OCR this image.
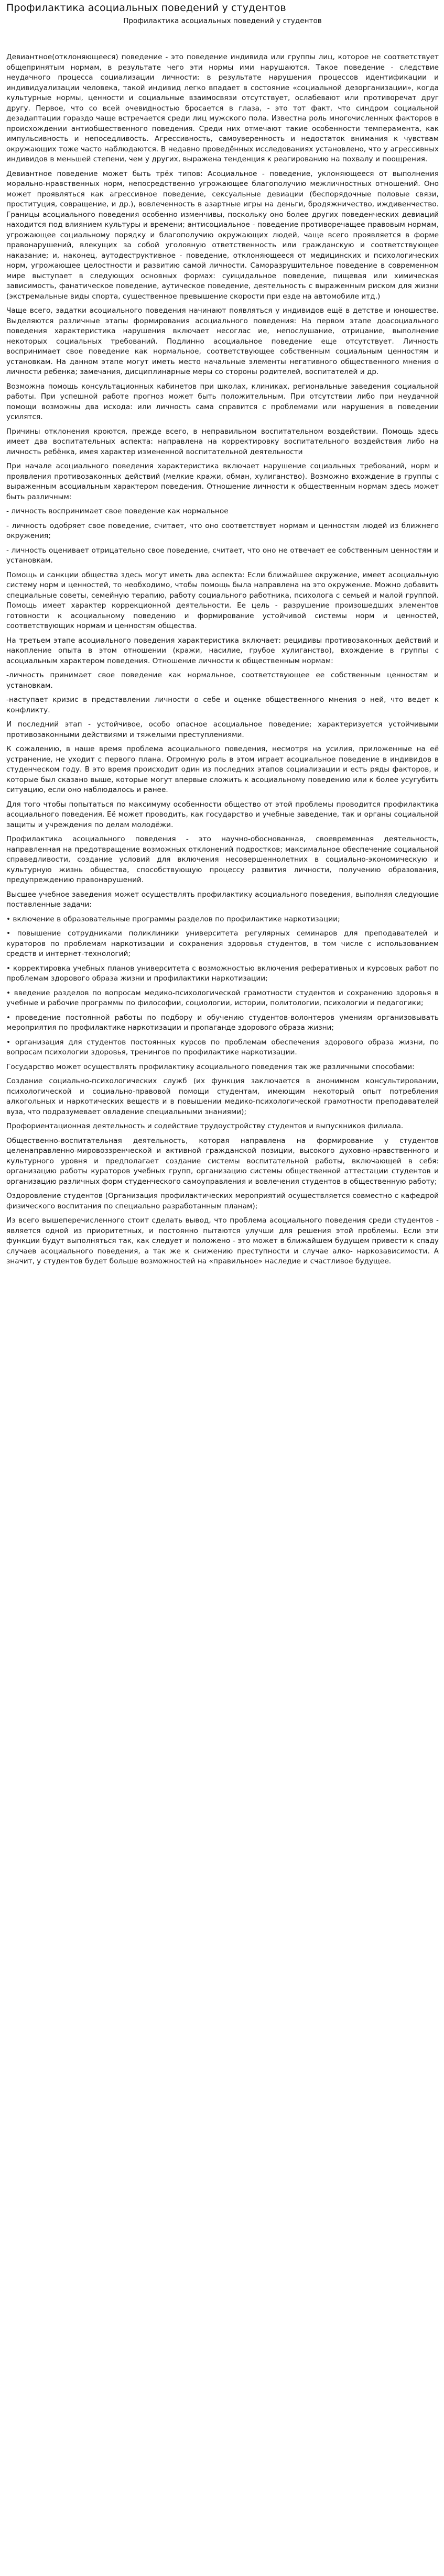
Профилактика асоциальных поведений у студентов
Профилактика асоциальных поведений у студентов

Девиантное(отклоняющееся) поведение - это поведение индивида или группы лиц, которое не соответствует общепринятым нормам, в результате чего эти нормы ими нарушаются. Такое поведение - следствие неудачного процесса социализации личности: в результате нарушения процессов идентификации и индивидуализации человека, такой индивид легко впадает в состояние «социальной дезорганизации», когда культурные нормы, ценности и социальные взаимосвязи отсутствует, ослабевают или противоречат друг другу. Первое, что со всей очевидностью бросается в глаза, - это тот факт, что синдром социальной дезадаптации гораздо чаще встречается среди лиц мужского пола. Известна роль многочисленных факторов в происхождении антиобщественного поведения. Среди них отмечают такие особенности темперамента, как импульсивность и непоседливость. Агрессивность, самоуверенность и недостаток внимания к чувствам окружающих тоже часто наблюдаются. В недавно проведённых исследованиях установлено, что у агрессивных индивидов в меньшей степени, чем у других, выражена тенденция к реагированию на похвалу и поощрения.

Девиантное поведение может быть трёх типов: Асоциальное - поведение, уклоняющееся от выполнения морально-нравственных норм, непосредственно угрожающее благополучию межличностных отношений. Оно может проявляться как агрессивное поведение, сексуальные девиации (беспорядочные половые связи, проституция, совращение, и др.), вовлеченность в азартные игры на деньги, бродяжничество, иждивенчество. Границы асоциального поведения особенно изменчивы, поскольку оно более других поведенческих девиаций находится под влиянием культуры и времени; антисоциальное - поведение противоречащее правовым нормам, угрожающее социальному порядку и благополучию окружающих людей, чаще всего проявляется в форме правонарушений, влекущих за собой уголовную ответственность или гражданскую и соответствующее наказание; и, наконец, аутодеструктивное - поведение, отклоняющееся от медицинских и психологических норм, угрожающее целостности и развитию самой личности. Саморазрушительное поведение в современном мире выступает в следующих основных формах: суицидальное поведение, пищевая или химическая зависимость, фанатическое поведение, аутическое поведение, деятельность с выраженным риском для жизни (экстремальные виды спорта, существенное превышение скорости при езде на автомобиле итд.)

Чаще всего, задатки асоциального поведения начинают появляться у индивидов ещё в детстве и юношестве. Выделяются различные этапы формирования асоциального поведения: На первом этапе доасоциального поведения характеристика нарушения включает несоглас ие, непослушание, отрицание, выполнение некоторых социальных требований. Подлинно асоциальное поведение еще отсутствует. Личность воспринимает свое поведение как нормальное, соответствующее собственным социальным ценностям и установкам. На данном этапе могут иметь место начальные элементы негативного общественного мнения о личности ребенка; замечания, дисциплинарные меры со стороны родителей, воспитателей и др.

Возможна помощь консультационных кабинетов при школах, клиниках, региональные заведения социальной работы. При успешной работе прогноз может быть положительным. При отсутствии либо при неудачной помощи возможны два исхода: или личность сама справится с проблемами или нарушения в поведении усилятся.

Причины отклонения кроются, прежде всего, в неправильном воспитательном воздействии. Помощь здесь имеет два воспитательных аспекта: направлена на корректировку воспитательного воздействия либо на личность ребёнка, имея характер измененной воспитательной деятельности

При начале асоциального поведения характеристика включает нарушение социальных требований, норм и проявления противозаконных действий (мелкие кражи, обман, хулиганство). Возможно вхождение в группы с выраженным асоциальным характером поведения. Отношение личности к общественным нормам здесь может быть различным:

- личность воспринимает свое поведение как нормальное

- личность одобряет свое поведение, считает, что оно соответствует нормам и ценностям людей из ближнего окружения;

- личность оценивает отрицательно свое поведение, считает, что оно не отвечает ее собственным ценностям и установкам.

Помощь и санкции общества здесь могут иметь два аспекта: Если ближайшее окружение, имеет асоциальную систему норм и ценностей, то необходимо, чтобы помощь была направлена на это окружение. Можно добавить специальные советы, семейную терапию, работу социального работника, психолога с семьей и малой группой. Помощь имеет характер коррекционной деятельности. Ее цель - разрушение произошедших элементов готовности к асоциальному поведению и формирование устойчивой системы норм и ценностей, соответствующих нормам и ценностям общества.

На третьем этапе асоциального поведения характеристика включает: рецидивы противозаконных действий и накопление опыта в этом отношении (кражи, насилие, грубое хулиганство), вхождение в группы с асоциальным характером поведения. Отношение личности к общественным нормам:

-личность принимает свое поведение как нормальное, соответствующее ее собственным ценностям и установкам.

-наступает кризис в представлении личности о себе и оценке общественного мнения о ней, что ведет к конфликту.

И последний этап - устойчивое, особо опасное асоциальное поведение; характеризуется устойчивыми противозаконными действиями и тяжелыми преступлениями.

К сожалению, в наше время проблема асоциального поведения, несмотря на усилия, приложенные на её устранение, не уходит с первого плана. Огромную роль в этом играет асоциальное поведение в индивидов в студенческом году. В это время происходит один из последних этапов социализации и есть ряды факторов, и которые был сказано выше, которые могут впервые сложить к асоциальному поведению или к более усугубить ситуацию, если оно наблюдалось и ранее.

Для того чтобы попытаться по максимуму особенности общество от этой проблемы проводится профилактика асоциального поведения. Её может проводить, как государство и учебные заведение, так и органы социальной защиты и учреждения по делам молодёжи.

Профилактика асоциального поведения - это научно-обоснованная, своевременная деятельность, направленная на предотвращение возможных отклонений подростков; максимальное обеспечение социальной справедливости, создание условий для включения несовершеннолетних в социально-экономическую и культурную жизнь общества, способствующую процессу развития личности, получению образования, предупреждению правонарушений.

Высшее учебное заведения может осуществлять профилактику асоциального поведения, выполняя следующие поставленные задачи:

• включение в образовательные программы разделов по профилактике наркотизации;

• повышение сотрудниками поликлиники университета регулярных семинаров для преподавателей и кураторов по проблемам наркотизации и сохранения здоровья студентов, в том числе с использованием средств и интернет-технологий;

• корректировка учебных планов университета с возможностью включения реферативных и курсовых работ по проблемам здорового образа жизни и профилактики наркотизации;

• введение разделов по вопросам медико-психологической грамотности студентов и сохранению здоровья в учебные и рабочие программы по философии, социологии, истории, политологии, психологии и педагогики;

• проведение постоянной работы по подбору и обучению студентов-волонтеров умениям организовывать мероприятия по профилактике наркотизации и пропаганде здорового образа жизни;

• организация для студентов постоянных курсов по проблемам обеспечения здорового образа жизни, по вопросам психологии здоровья, тренингов по профилактике наркотизации.

Государство может осуществлять профилактику асоциального поведения так же различными способами:

Создание социально-психологических служб (их функция заключается в анонимном консультировании, психологической и социально-правовой помощи студентам, имеющим некоторый опыт потребления алкогольных и наркотических веществ и в повышении медико-психологической грамотности преподавателей вуза, что подразумевает овладение специальными знаниями);

Профориентационная деятельность и содействие трудоустройству студентов и выпускников филиала.

Общественно-воспитательная деятельность, которая направлена на формирование у студентов целенаправленно-мировоззренческой и активной гражданской позиции, высокого духовно-нравственного и культурного уровня и предполагает создание системы воспитательной работы, включающей в себя: организацию работы кураторов учебных групп, организацию системы общественной аттестации студентов и организацию различных форм студенческого самоуправления и вовлечения студентов в общественную работу;

Оздоровление студентов (Организация профилактических мероприятий осуществляется совместно с кафедрой физического воспитания по специально разработанным планам);

Из всего вышеперечисленного стоит сделать вывод, что проблема асоциального поведения среди студентов - является одной из приоритетных, и постоянно пытаются улучши для решения этой проблемы. Если эти функции будут выполняться так, как следует и положено - это может в ближайшем будущем привести к спаду случаев асоциального поведения, а так же к снижению преступности и случае алко- наркозависимости. А значит, у студентов будет больше возможностей на «правильное» наследие и счастливое будущее.
